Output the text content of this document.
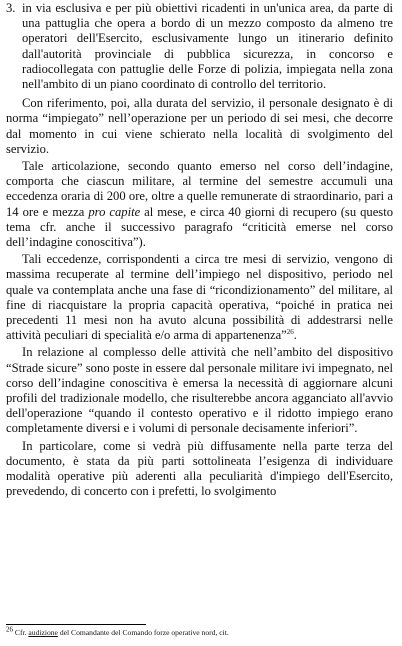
3. in via esclusiva e per più obiettivi ricadenti in un'unica area, da parte di una pattuglia che opera a bordo di un mezzo composto da almeno tre operatori dell'Esercito, esclusivamente lungo un itinerario definito dall'autorità provinciale di pubblica sicurezza, in concorso e radiocollegata con pattuglie delle Forze di polizia, impiegata nella zona nell'ambito di un piano coordinato di controllo del territorio.

Con riferimento, poi, alla durata del servizio, il personale designato è di norma “impiegato” nell’operazione per un periodo di sei mesi, che decorre dal momento in cui viene schierato nella località di svolgimento del servizio.

Tale articolazione, secondo quanto emerso nel corso dell’indagine, comporta che ciascun militare, al termine del semestre accumuli una eccedenza oraria di 200 ore, oltre a quelle remunerate di straordinario, pari a 14 ore e mezza pro capite al mese, e circa 40 giorni di recupero (su questo tema cfr. anche il successivo paragrafo “criticità emerse nel corso dell’indagine conoscitiva”).

Tali eccedenze, corrispondenti a circa tre mesi di servizio, vengono di massima recuperate al termine dell’impiego nel dispositivo, periodo nel quale va contemplata anche una fase di “ricondizionamento” del militare, al fine di riacquistare la propria capacità operativa, “poiché in pratica nei precedenti 11 mesi non ha avuto alcuna possibilità di addestrarsi nelle attività peculiari di specialità e/o arma di appartenenza”$^{26}$.

In relazione al complesso delle attività che nell’ambito del dispositivo “Strade sicure” sono poste in essere dal personale militare ivi impegnato, nel corso dell’indagine conoscitiva è emersa la necessità di aggiornare alcuni profili del tradizionale modello, che risulterebbe ancora agganciato all'avvio dell'operazione “quando il contesto operativo e il ridotto impiego erano completamente diversi e i volumi di personale decisamente inferiori”.

In particolare, come si vedrà più diffusamente nella parte terza del documento, è stata da più parti sottolineata l’esigenza di individuare modalità operative più aderenti alla peculiarità d'impiego dell'Esercito, prevedendo, di concerto con i prefetti, lo svolgimento

$^{26}$ Cfr. audizione del Comandante del Comando forze operative nord, cit.
